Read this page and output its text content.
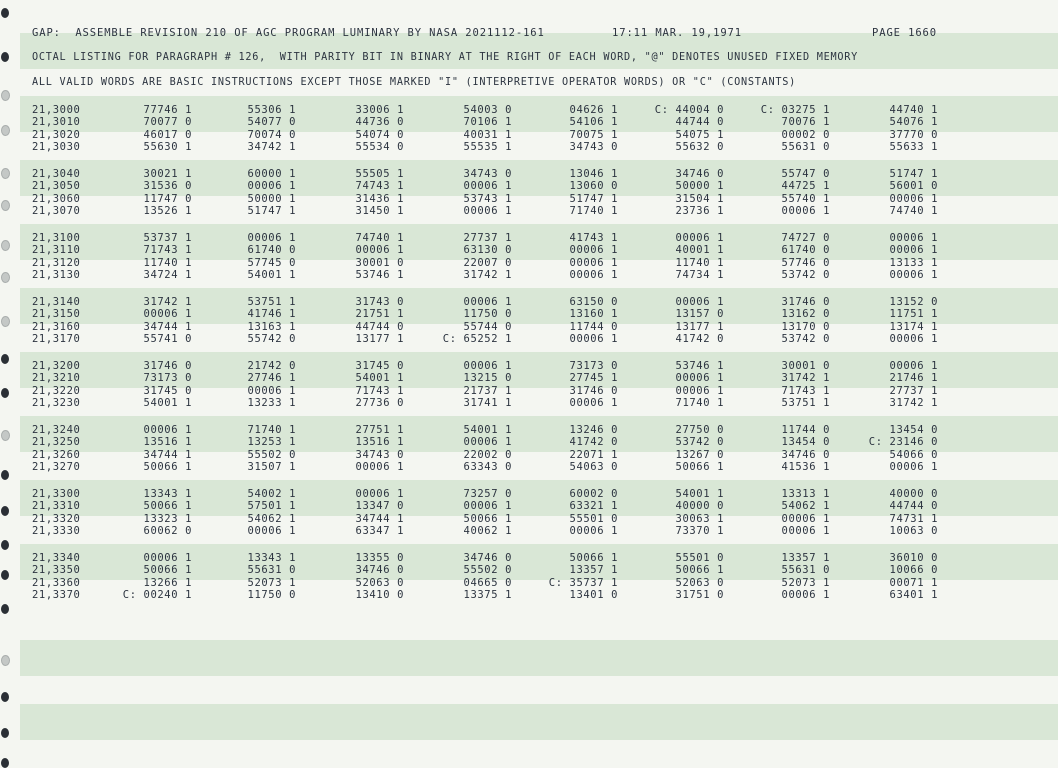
GAP:  ASSEMBLE REVISION 210 OF AGC PROGRAM LUMINARY BY NASA 2021112-161	17:11 MAR. 19,1971	PAGE 1660
OCTAL LISTING FOR PARAGRAPH # 126,  WITH PARITY BIT IN BINARY AT THE RIGHT OF EACH WORD, "@" DENOTES UNUSED FIXED MEMORY
ALL VALID WORDS ARE BASIC INSTRUCTIONS EXCEPT THOSE MARKED "I" (INTERPRETIVE OPERATOR WORDS) OR "C" (CONSTANTS)
21,3000	77746 1	55306 1	33006 1	54003 0	04626 1	C: 44004 0	C: 03275 1	44740 1
21,3010	70077 0	54077 0	44736 0	70106 1	54106 1	44744 0	70076 1	54076 1
21,3020	46017 0	70074 0	54074 0	40031 1	70075 1	54075 1	00002 0	37770 0
21,3030	55630 1	34742 1	55534 0	55535 1	34743 0	55632 0	55631 0	55633 1
21,3040	30021 1	60000 1	55505 1	34743 0	13046 1	34746 0	55747 0	51747 1
21,3050	31536 0	00006 1	74743 1	00006 1	13060 0	50000 1	44725 1	56001 0
21,3060	11747 0	50000 1	31436 1	53743 1	51747 1	31504 1	55740 1	00006 1
21,3070	13526 1	51747 1	31450 1	00006 1	71740 1	23736 1	00006 1	74740 1
21,3100	53737 1	00006 1	74740 1	27737 1	41743 1	00006 1	74727 0	00006 1
21,3110	71743 1	61740 0	00006 1	63130 0	00006 1	40001 1	61740 0	00006 1
21,3120	11740 1	57745 0	30001 0	22007 0	00006 1	11740 1	57746 0	13133 1
21,3130	34724 1	54001 1	53746 1	31742 1	00006 1	74734 1	53742 0	00006 1
21,3140	31742 1	53751 1	31743 0	00006 1	63150 0	00006 1	31746 0	13152 0
21,3150	00006 1	41746 1	21751 1	11750 0	13160 1	13157 0	13162 0	11751 1
21,3160	34744 1	13163 1	44744 0	55744 0	11744 0	13177 1	13170 0	13174 1
21,3170	55741 0	55742 0	13177 1	C: 65252 1	00006 1	41742 0	53742 0	00006 1
21,3200	31746 0	21742 0	31745 0	00006 1	73173 0	53746 1	30001 0	00006 1
21,3210	73173 0	27746 1	54001 1	13215 0	27745 1	00006 1	31742 1	21746 1
21,3220	31745 0	00006 1	71743 1	21737 1	31746 0	00006 1	71743 1	27737 1
21,3230	54001 1	13233 1	27736 0	31741 1	00006 1	71740 1	53751 1	31742 1
21,3240	00006 1	71740 1	27751 1	54001 1	13246 0	27750 0	11744 0	13454 0
21,3250	13516 1	13253 1	13516 1	00006 1	41742 0	53742 0	13454 0	C: 23146 0
21,3260	34744 1	55502 0	34743 0	22002 0	22071 1	13267 0	34746 0	54066 0
21,3270	50066 1	31507 1	00006 1	63343 0	54063 0	50066 1	41536 1	00006 1
21,3300	13343 1	54002 1	00006 1	73257 0	60002 0	54001 1	13313 1	40000 0
21,3310	50066 1	57501 1	13347 0	00006 1	63321 1	40000 0	54062 1	44744 0
21,3320	13323 1	54062 1	34744 1	50066 1	55501 0	30063 1	00006 1	74731 1
21,3330	60062 0	00006 1	63347 1	40062 1	00006 1	73370 1	00006 1	10063 0
21,3340	00006 1	13343 1	13355 0	34746 0	50066 1	55501 0	13357 1	36010 0
21,3350	50066 1	55631 0	34746 0	55502 0	13357 1	50066 1	55631 0	10066 0
21,3360	13266 1	52073 1	52063 0	04665 0	C: 35737 1	52063 0	52073 1	00071 1
21,3370	C: 00240 1	11750 0	13410 0	13375 1	13401 0	31751 0	00006 1	63401 1
